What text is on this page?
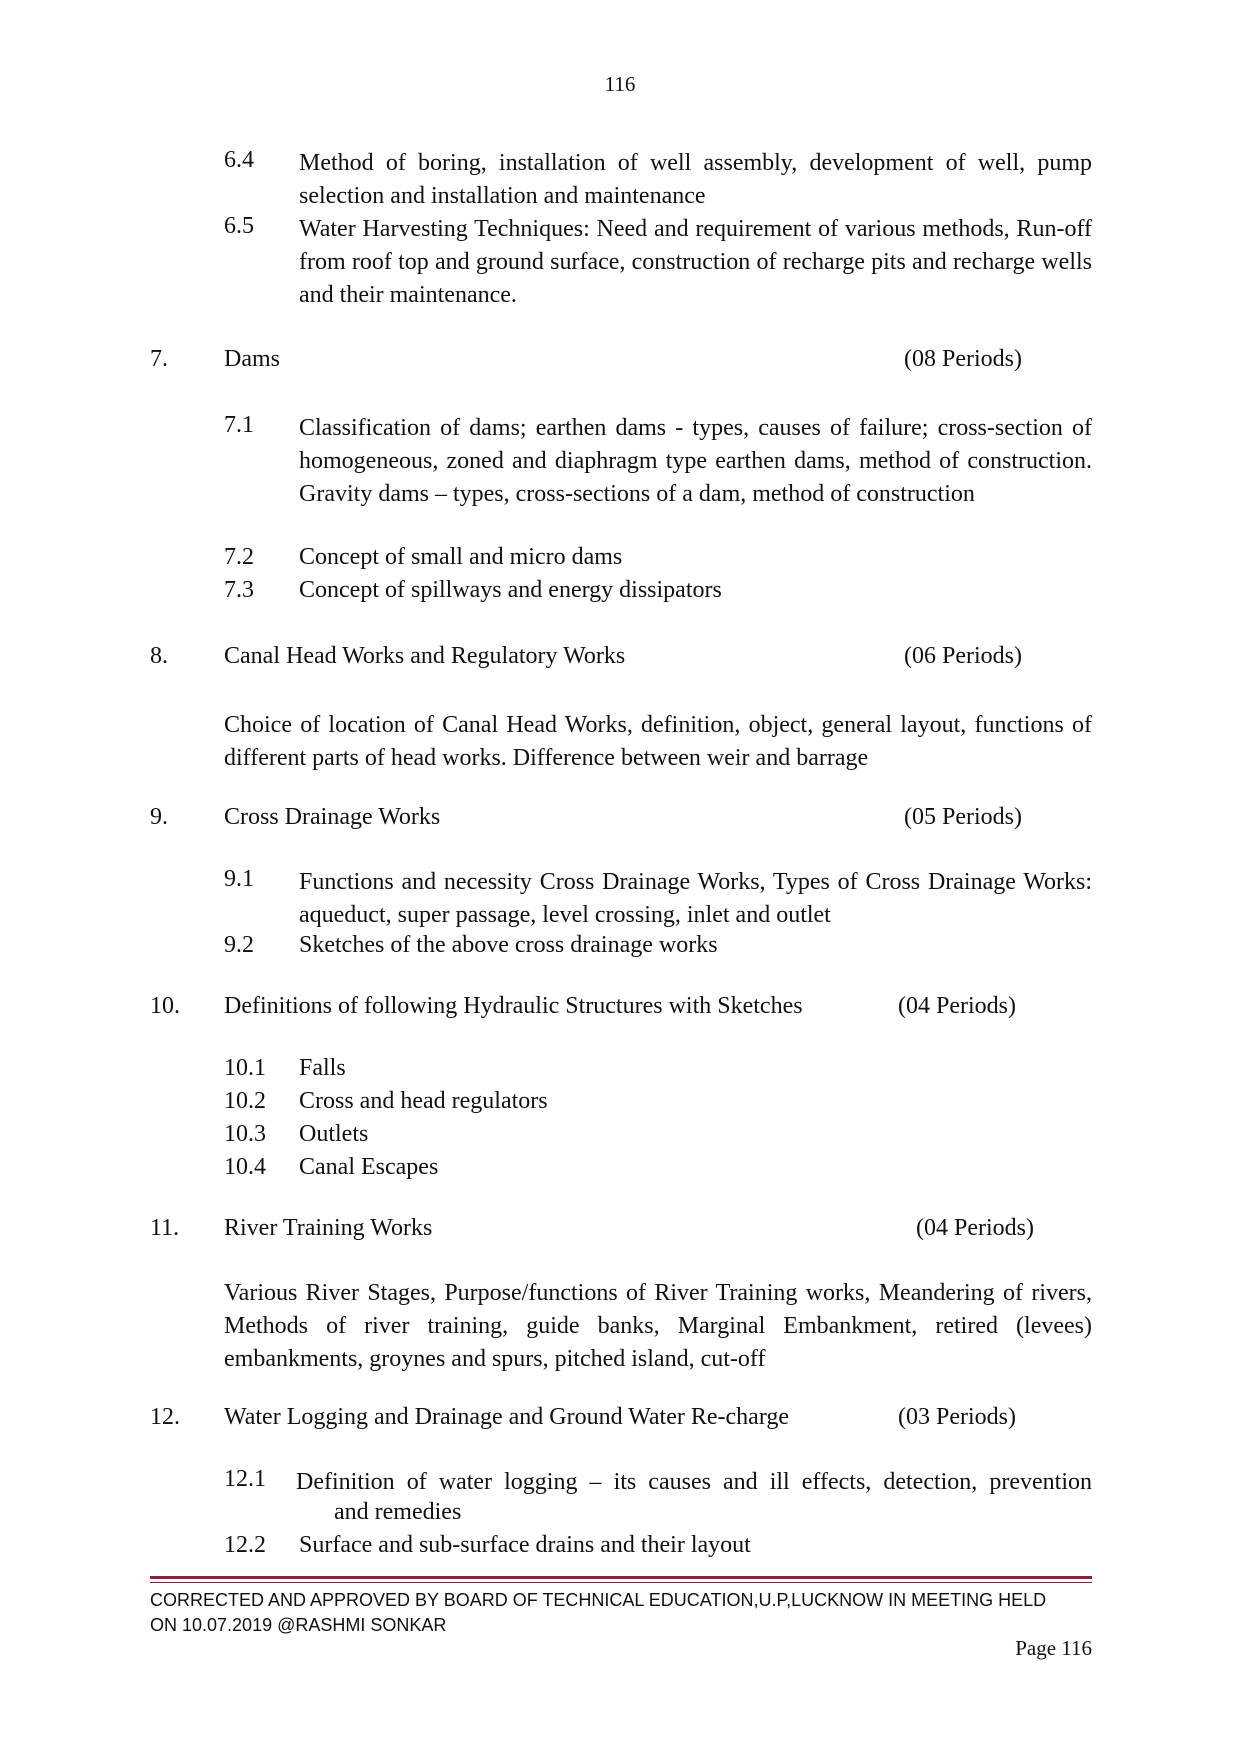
116
6.4 Method of boring, installation of well assembly, development of well, pump selection and installation and maintenance
6.5 Water Harvesting Techniques: Need and requirement of various methods, Run-off from roof top and ground surface, construction of recharge pits and recharge wells and their maintenance.
7. Dams	(08 Periods)
7.1 Classification of dams; earthen dams - types, causes of failure; cross-section of homogeneous, zoned and diaphragm type earthen dams, method of construction. Gravity dams – types, cross-sections of a dam, method of construction
7.2 Concept of small and micro dams
7.3 Concept of spillways and energy dissipators
8. Canal Head Works and Regulatory Works	(06 Periods)
Choice of location of Canal Head Works, definition, object, general layout, functions of different parts of head works. Difference between weir and barrage
9. Cross Drainage Works	(05 Periods)
9.1 Functions and necessity Cross Drainage Works, Types of Cross Drainage Works: aqueduct, super passage, level crossing, inlet and outlet
9.2 Sketches of the above cross drainage works
10. Definitions of following Hydraulic Structures with Sketches	(04 Periods)
10.1 Falls
10.2 Cross and head regulators
10.3 Outlets
10.4 Canal Escapes
11. River Training Works	(04 Periods)
Various River Stages, Purpose/functions of River Training works, Meandering of rivers, Methods of river training, guide banks, Marginal Embankment, retired (levees) embankments, groynes and spurs, pitched island, cut-off
12. Water Logging and Drainage and Ground Water Re-charge	(03 Periods)
12.1 Definition of water logging – its causes and ill effects, detection, prevention
and remedies
12.2 Surface and sub-surface drains and their layout
CORRECTED AND APPROVED BY BOARD OF TECHNICAL EDUCATION,U.P,LUCKNOW IN MEETING HELD
ON 10.07.2019 @RASHMI SONKAR
Page 116
